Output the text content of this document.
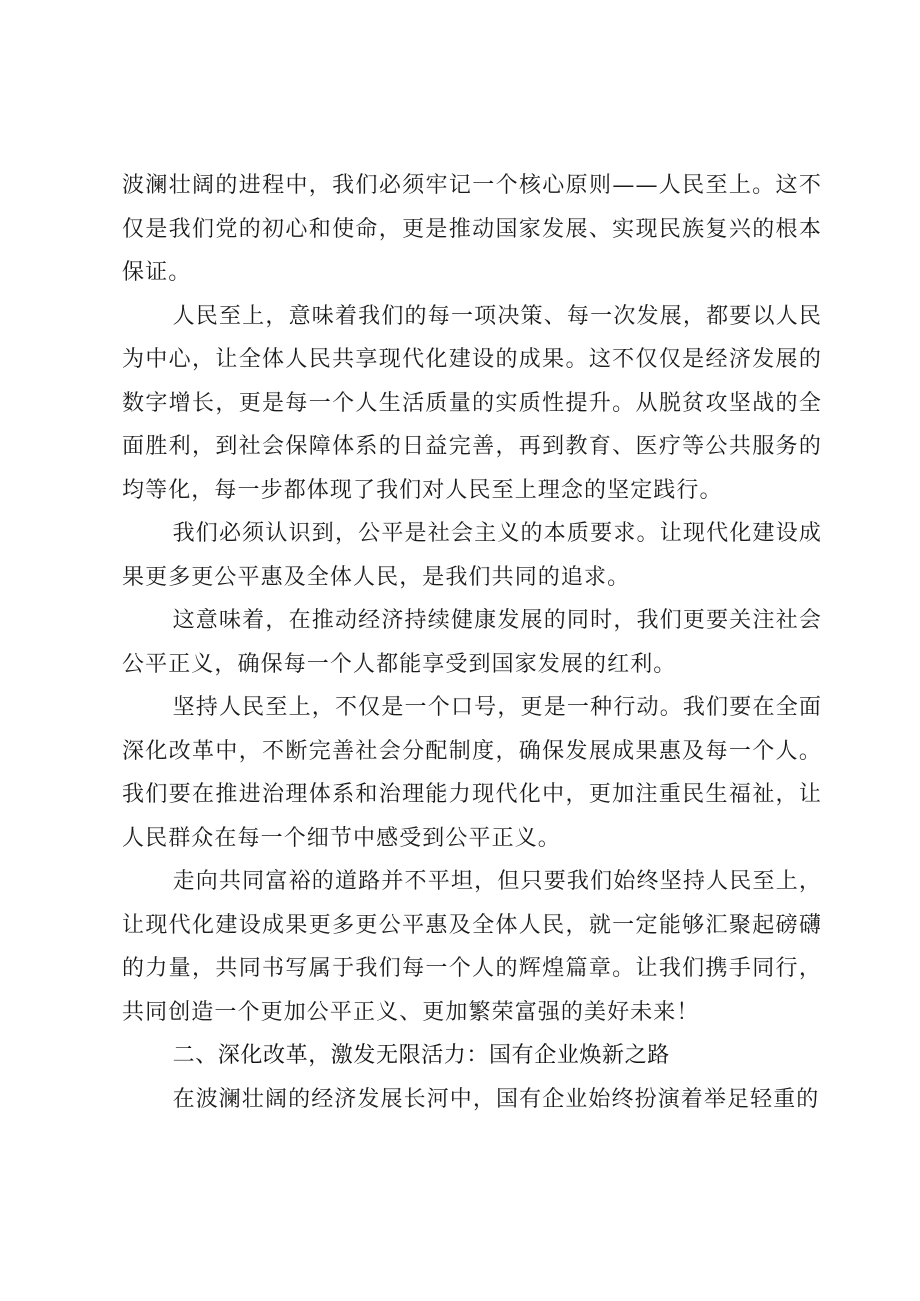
波澜壮阔的进程中，我们必须牢记一个核心原则——人民至上。这不仅是我们党的初心和使命，更是推动国家发展、实现民族复兴的根本保证。

人民至上，意味着我们的每一项决策、每一次发展，都要以人民为中心，让全体人民共享现代化建设的成果。这不仅仅是经济发展的数字增长，更是每一个人生活质量的实质性提升。从脱贫攻坚战的全面胜利，到社会保障体系的日益完善，再到教育、医疗等公共服务的均等化，每一步都体现了我们对人民至上理念的坚定践行。

我们必须认识到，公平是社会主义的本质要求。让现代化建设成果更多更公平惠及全体人民，是我们共同的追求。

这意味着，在推动经济持续健康发展的同时，我们更要关注社会公平正义，确保每一个人都能享受到国家发展的红利。

坚持人民至上，不仅是一个口号，更是一种行动。我们要在全面深化改革中，不断完善社会分配制度，确保发展成果惠及每一个人。我们要在推进治理体系和治理能力现代化中，更加注重民生福祉，让人民群众在每一个细节中感受到公平正义。

走向共同富裕的道路并不平坦，但只要我们始终坚持人民至上，让现代化建设成果更多更公平惠及全体人民，就一定能够汇聚起磅礴的力量，共同书写属于我们每一个人的辉煌篇章。让我们携手同行，共同创造一个更加公平正义、更加繁荣富强的美好未来！

二、深化改革，激发无限活力：国有企业焕新之路

在波澜壮阔的经济发展长河中，国有企业始终扮演着举足轻重的
